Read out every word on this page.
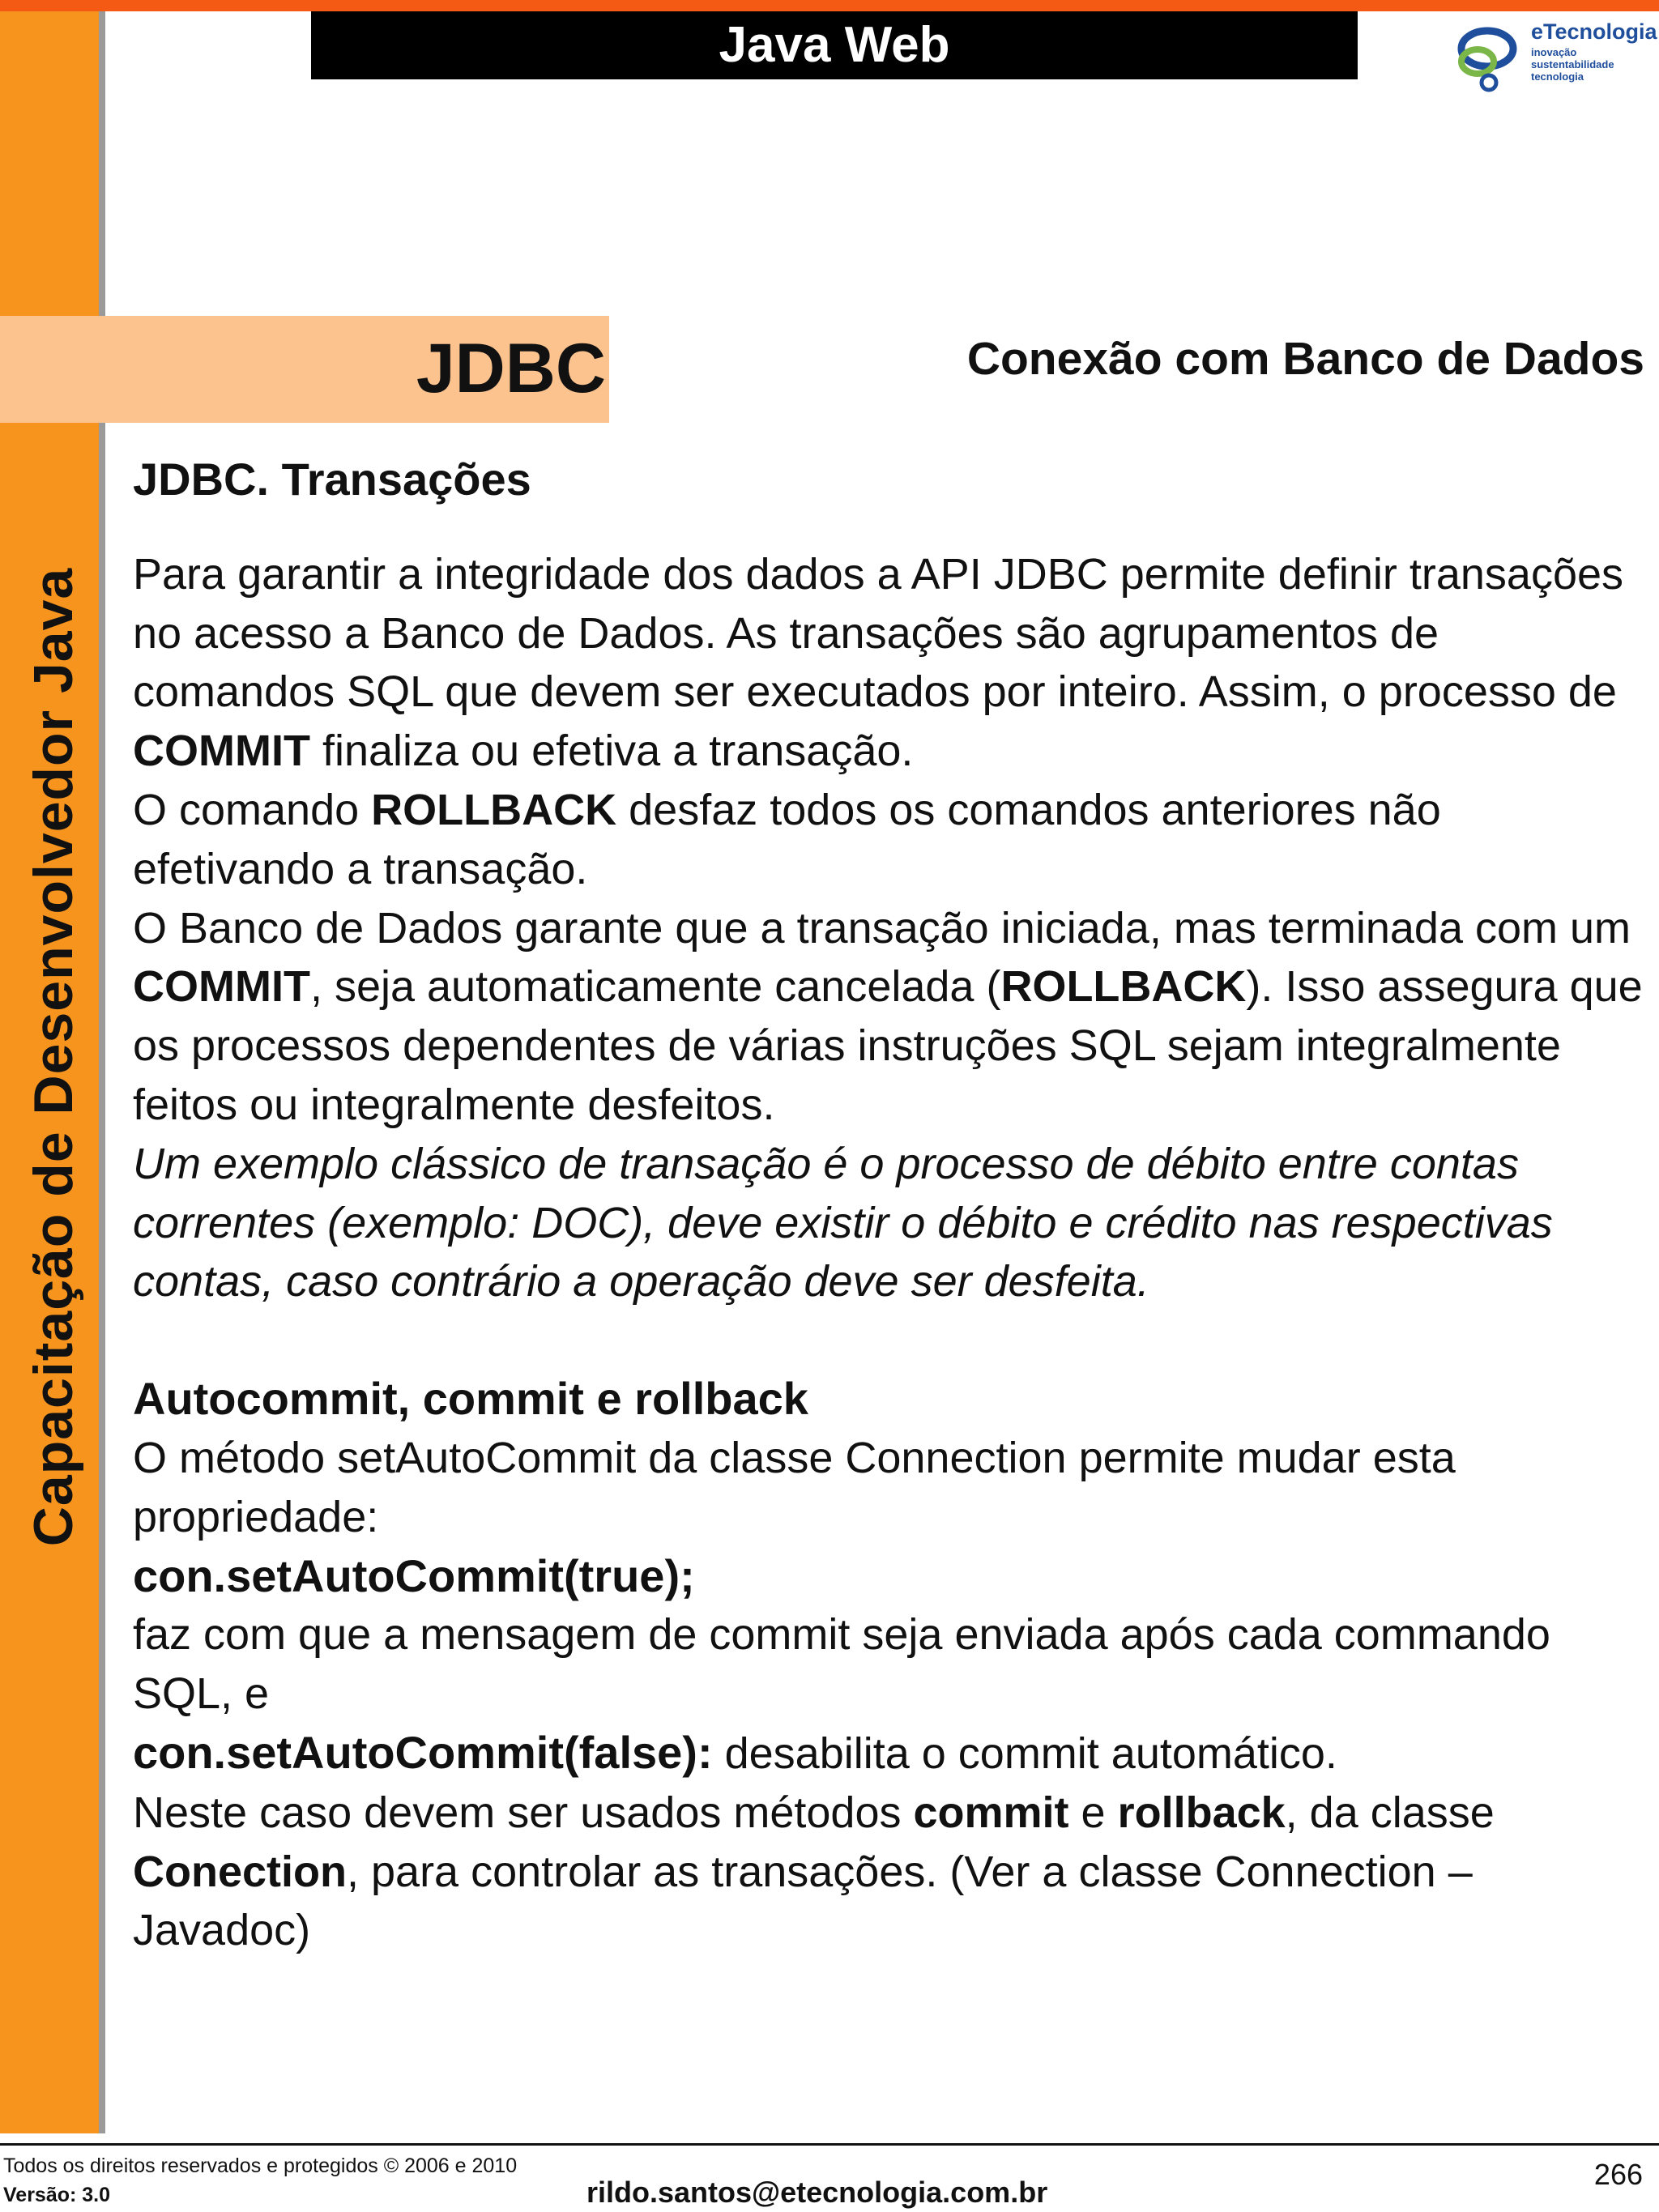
Capacitação de Desenvolvedor Java
Java Web	eTecnologia
inovação
sustentabilidade
tecnologia
JDBC	Conexão com Banco de Dados

JDBC. Transações

Para garantir a integridade dos dados a API JDBC permite definir transações no acesso a Banco de Dados. As transações são agrupamentos de comandos SQL que devem ser executados por inteiro. Assim, o processo de COMMIT finaliza ou efetiva a transação.

O comando ROLLBACK desfaz todos os comandos anteriores não efetivando a transação.

O Banco de Dados garante que a transação iniciada, mas terminada com um COMMIT, seja automaticamente cancelada (ROLLBACK). Isso assegura que os processos dependentes de várias instruções SQL sejam integralmente feitos ou integralmente desfeitos.

Um exemplo clássico de transação é o processo de débito entre contas correntes (exemplo: DOC), deve existir o débito e crédito nas respectivas contas, caso contrário a operação deve ser desfeita.

Autocommit, commit e rollback

O método setAutoCommit da classe Connection permite mudar esta propriedade:

con.setAutoCommit(true);

faz com que a mensagem de commit seja enviada após cada commando SQL, e

con.setAutoCommit(false): desabilita o commit automático.
Neste caso devem ser usados métodos commit e rollback, da classe Conection, para controlar as transações. (Ver a classe Connection – Javadoc)

Todos os direitos reservados e protegidos © 2006 e 2010
Versão: 3.0	rildo.santos@etecnologia.com.br
266
